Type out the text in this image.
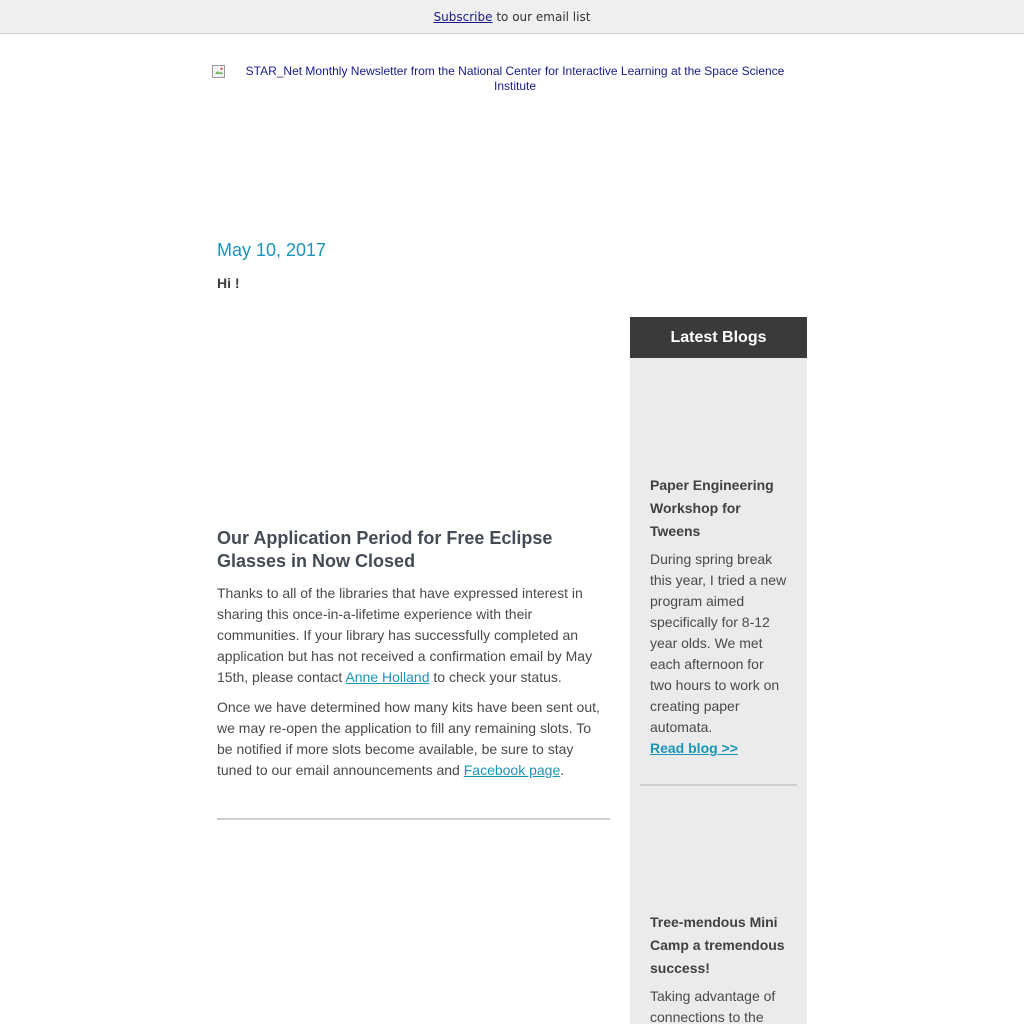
Subscribe to our email list
STAR_Net Monthly Newsletter from the National Center for Interactive Learning at the Space Science Institute
May 10, 2017
Hi !
Our Application Period for Free Eclipse Glasses in Now Closed

Thanks to all of the libraries that have expressed interest in sharing this once-in-a-lifetime experience with their communities. If your library has successfully completed an application but has not received a confirmation email by May 15th, please contact Anne Holland to check your status.

Once we have determined how many kits have been sent out, we may re-open the application to fill any remaining slots. To be notified if more slots become available, be sure to stay tuned to our email announcements and Facebook page.

Latest Blogs
Paper Engineering Workshop for Tweens

During spring break this year, I tried a new program aimed specifically for 8-12 year olds. We met each afternoon for two hours to work on creating paper automata.

Read blog >>
Tree-mendous Mini Camp a tremendous success!

Taking advantage of connections to the
